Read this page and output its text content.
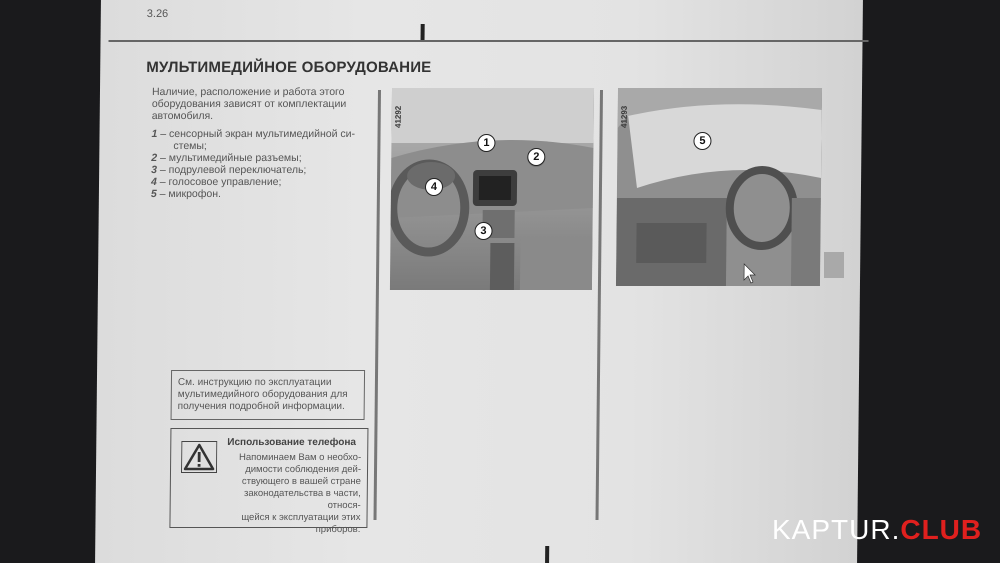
3.26
МУЛЬТИМЕДИЙНОЕ ОБОРУДОВАНИЕ
Наличие, расположение и работа этого оборудования зависят от комплектации автомобиля.
1 – сенсорный экран мультимедийной си-
стемы;
2 – мультимедийные разъемы;
3 – подрулевой переключатель;
4 – голосовое управление;
5 – микрофон.
См. инструкцию по эксплуатации мультимедийного оборудования для получения подробной информации.
Использование телефона
Напоминаем Вам о необхо-
димости соблюдения дей-
ствующего в вашей стране
законодательства в части, относя-
щейся к эксплуатации этих приборов.
41292
1
2
3
4
41293
5
KAPTUR.CLUB
